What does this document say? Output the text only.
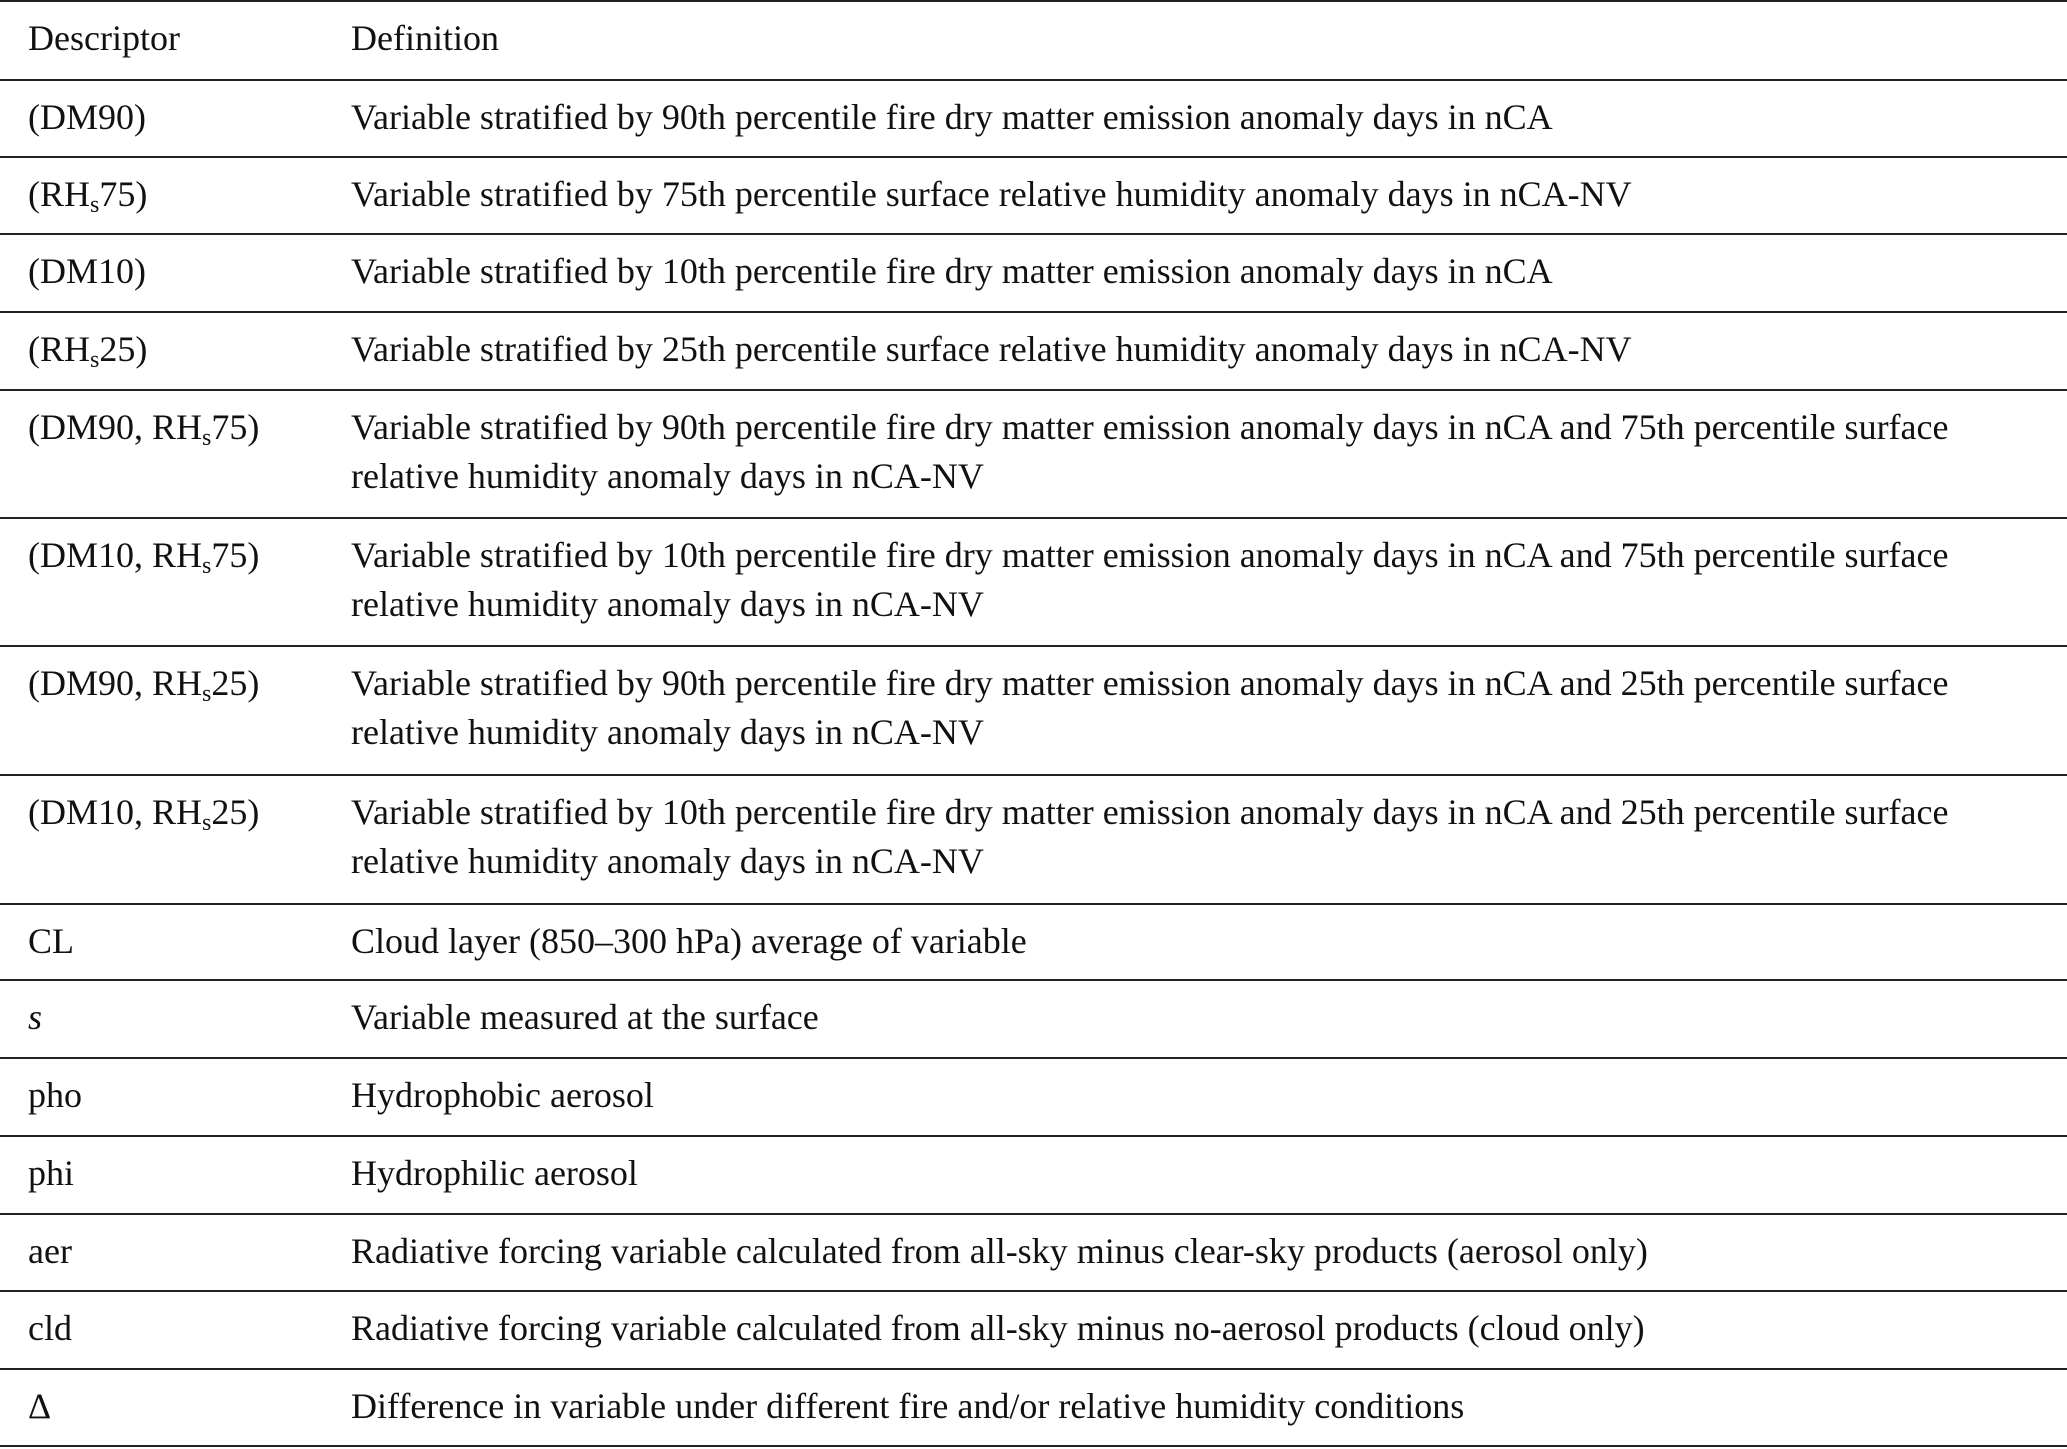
Descriptor	Definition
(DM90)	Variable stratified by 90th percentile fire dry matter emission anomaly days in nCA
$(RH_s75)$	Variable stratified by 75th percentile surface relative humidity anomaly days in nCA-NV
(DM10)	Variable stratified by 10th percentile fire dry matter emission anomaly days in nCA
$(RH_s25)$	Variable stratified by 25th percentile surface relative humidity anomaly days in nCA-NV
(DM90, $RH_s75$)	Variable stratified by 90th percentile fire dry matter emission anomaly days in nCA and 75th percentile surface relative humidity anomaly days in nCA-NV
(DM10, $RH_s75$)	Variable stratified by 10th percentile fire dry matter emission anomaly days in nCA and 75th percentile surface relative humidity anomaly days in nCA-NV
(DM90, $RH_s25$)	Variable stratified by 90th percentile fire dry matter emission anomaly days in nCA and 25th percentile surface relative humidity anomaly days in nCA-NV
(DM10, $RH_s25$)	Variable stratified by 10th percentile fire dry matter emission anomaly days in nCA and 25th percentile surface relative humidity anomaly days in nCA-NV
CL	Cloud layer (850–300 hPa) average of variable
s	Variable measured at the surface
pho	Hydrophobic aerosol
phi	Hydrophilic aerosol
aer	Radiative forcing variable calculated from all-sky minus clear-sky products (aerosol only)
cld	Radiative forcing variable calculated from all-sky minus no-aerosol products (cloud only)
Δ	Difference in variable under different fire and/or relative humidity conditions
